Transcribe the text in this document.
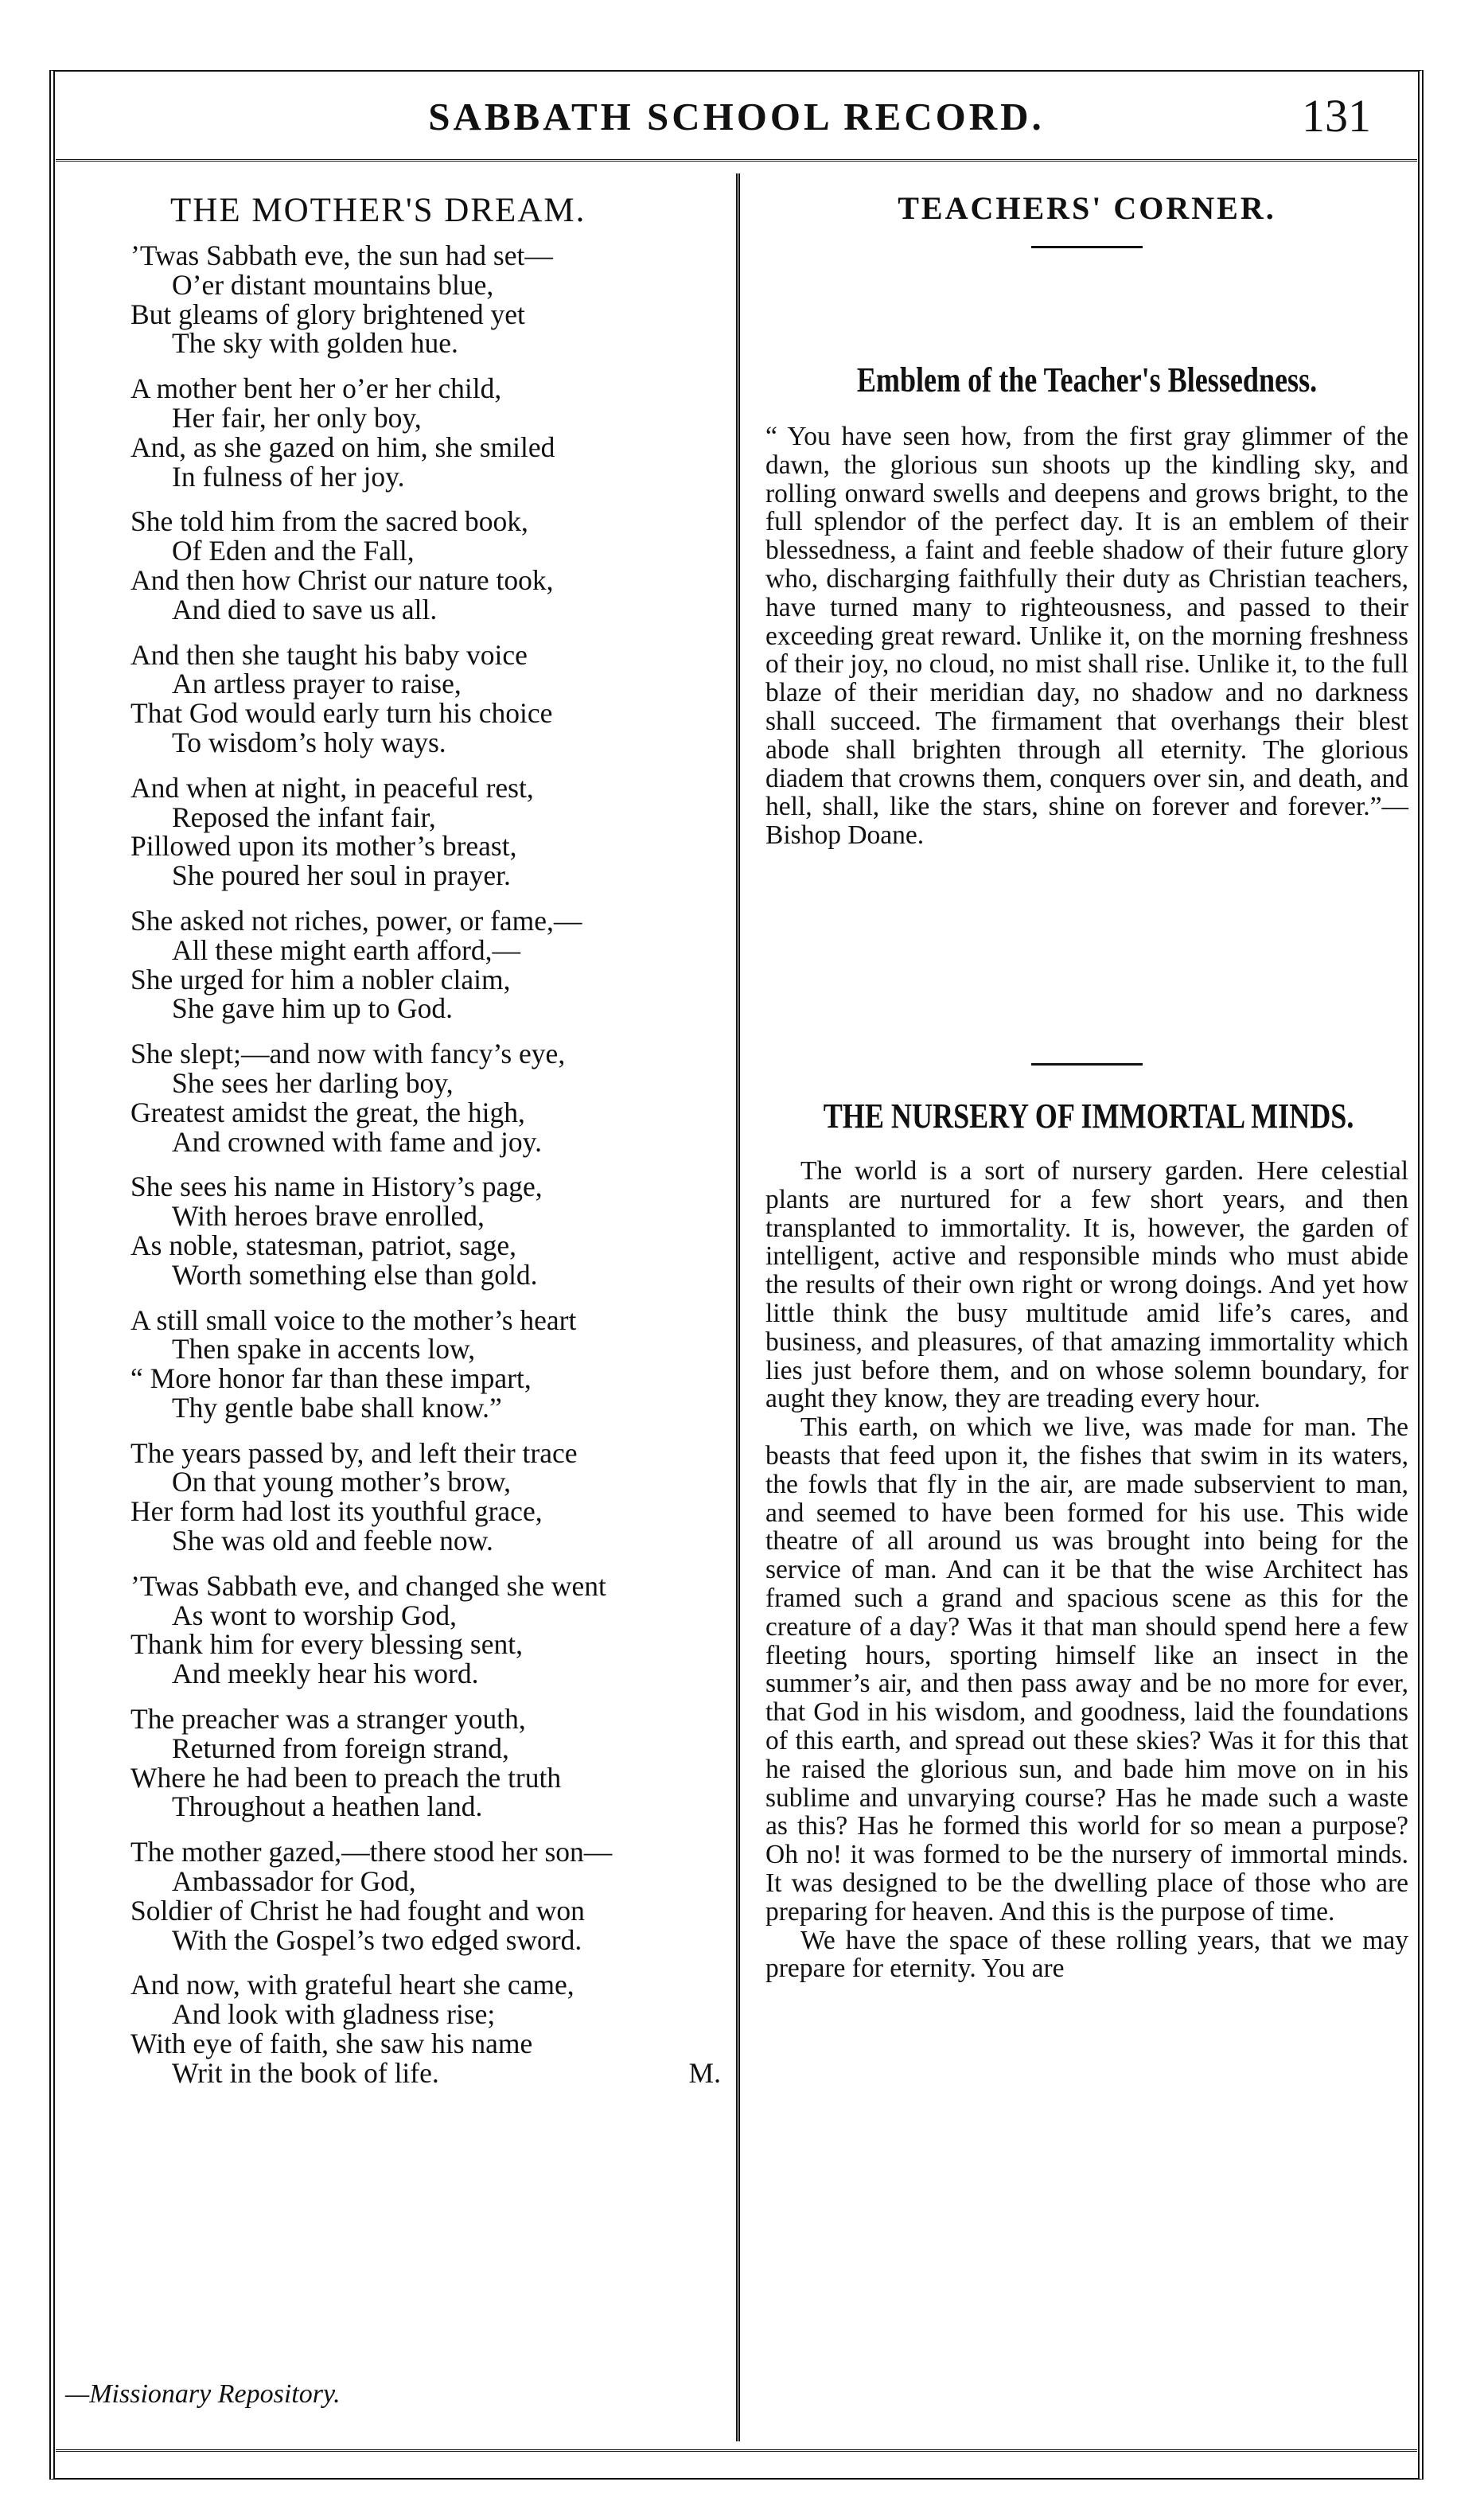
SABBATH SCHOOL RECORD.	131
THE MOTHER'S DREAM.
’Twas Sabbath eve, the sun had set—
O’er distant mountains blue,
But gleams of glory brightened yet
The sky with golden hue.
A mother bent her o’er her child,
Her fair, her only boy,
And, as she gazed on him, she smiled
In fulness of her joy.
She told him from the sacred book,
Of Eden and the Fall,
And then how Christ our nature took,
And died to save us all.
And then she taught his baby voice
An artless prayer to raise,
That God would early turn his choice
To wisdom’s holy ways.
And when at night, in peaceful rest,
Reposed the infant fair,
Pillowed upon its mother’s breast,
She poured her soul in prayer.
She asked not riches, power, or fame,—
All these might earth afford,—
She urged for him a nobler claim,
She gave him up to God.
She slept;—and now with fancy’s eye,
She sees her darling boy,
Greatest amidst the great, the high,
And crowned with fame and joy.
She sees his name in History’s page,
With heroes brave enrolled,
As noble, statesman, patriot, sage,
Worth something else than gold.
A still small voice to the mother’s heart
Then spake in accents low,
“ More honor far than these impart,
Thy gentle babe shall know.”
The years passed by, and left their trace
On that young mother’s brow,
Her form had lost its youthful grace,
She was old and feeble now.
’Twas Sabbath eve, and changed she went
As wont to worship God,
Thank him for every blessing sent,
And meekly hear his word.
The preacher was a stranger youth,
Returned from foreign strand,
Where he had been to preach the truth
Throughout a heathen land.
The mother gazed,—there stood her son—
Ambassador for God,
Soldier of Christ he had fought and won
With the Gospel’s two edged sword.
And now, with grateful heart she came,
And look with gladness rise;
With eye of faith, she saw his name
Writ in the book of life.	M.
—Missionary Repository.
TEACHERS' CORNER.
Emblem of the Teacher's Blessedness.

“ You have seen how, from the first gray glimmer of the dawn, the glorious sun shoots up the kindling sky, and rolling onward swells and deepens and grows bright, to the full splendor of the perfect day. It is an emblem of their blessedness, a faint and feeble shadow of their future glory who, discharging faithfully their duty as Christian teachers, have turned many to righteousness, and passed to their exceeding great reward. Unlike it, on the morning freshness of their joy, no cloud, no mist shall rise. Unlike it, to the full blaze of their meridian day, no shadow and no darkness shall succeed. The firmament that overhangs their blest abode shall brighten through all eternity. The glorious diadem that crowns them, conquers over sin, and death, and hell, shall, like the stars, shine on forever and forever.”—Bishop Doane.

THE NURSERY OF IMMORTAL MINDS.

The world is a sort of nursery garden. Here celestial plants are nurtured for a few short years, and then transplanted to immortality. It is, however, the garden of intelligent, active and responsible minds who must abide the results of their own right or wrong doings. And yet how little think the busy multitude amid life’s cares, and business, and pleasures, of that amazing immortality which lies just before them, and on whose solemn boundary, for aught they know, they are treading every hour.

This earth, on which we live, was made for man. The beasts that feed upon it, the fishes that swim in its waters, the fowls that fly in the air, are made subservient to man, and seemed to have been formed for his use. This wide theatre of all around us was brought into being for the service of man. And can it be that the wise Architect has framed such a grand and spacious scene as this for the creature of a day? Was it that man should spend here a few fleeting hours, sporting himself like an insect in the summer’s air, and then pass away and be no more for ever, that God in his wisdom, and goodness, laid the foundations of this earth, and spread out these skies? Was it for this that he raised the glorious sun, and bade him move on in his sublime and unvarying course? Has he made such a waste as this? Has he formed this world for so mean a purpose? Oh no! it was formed to be the nursery of immortal minds. It was designed to be the dwelling place of those who are preparing for heaven. And this is the purpose of time.

We have the space of these rolling years, that we may prepare for eternity. You are
